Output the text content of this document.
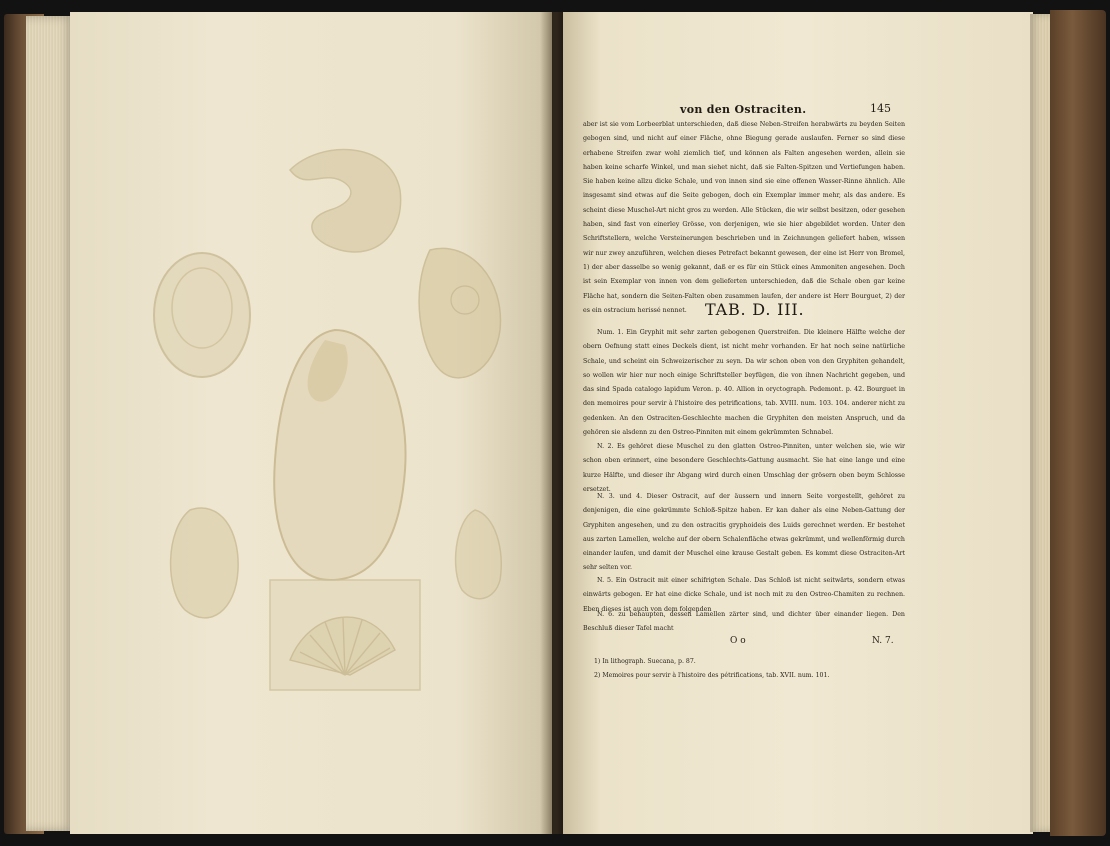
von den Ostraciten.	145
aber ist sie vom Lorbeerblat unterschieden, daß diese Neben-Streifen herabwärts zu beyden Seiten gebogen sind, und nicht auf einer Fläche, ohne Biegung gerade auslaufen. Ferner so sind diese erhabene Streifen zwar wohl ziemlich tief, und können als Falten angesehen werden, allein sie haben keine scharfe Winkel, und man siehet nicht, daß sie Falten-Spitzen und Vertiefungen haben. Sie haben keine allzu dicke Schale, und von innen sind sie eine offenen Wasser-Rinne ähnlich. Alle insgesamt sind etwas auf die Seite gebogen, doch ein Exemplar immer mehr, als das andere. Es scheint diese Muschel-Art nicht gros zu werden. Alle Stücken, die wir selbst besitzen, oder gesehen haben, sind fast von einerley Grösse, von derjenigen, wie sie hier abgebildet worden. Unter den Schriftstellern, welche Versteinerungen beschrieben und in Zeichnungen geliefert haben, wissen wir nur zwey anzuführen, welchen dieses Petrefact bekannt gewesen, der eine ist Herr von Bromel, 1) der aber dasselbe so wenig gekannt, daß er es für ein Stück eines Ammoniten angesehen. Doch ist sein Exemplar von innen von dem gelieferten unterschieden, daß die Schale oben gar keine Fläche hat, sondern die Seiten-Falten oben zusammen laufen, der andere ist Herr Bourguet, 2) der es ein ostracium herissé nennet.	TAB. D. III.
Num. 1. Ein Gryphit mit sehr zarten gebogenen Querstreifen. Die kleinere Hälfte welche der obern Oefnung statt eines Deckels dient, ist nicht mehr vorhanden. Er hat noch seine natürliche Schale, und scheint ein Schweizerischer zu seyn. Da wir schon oben von den Gryphiten gehandelt, so wollen wir hier nur noch einige Schriftsteller beyfügen, die von ihnen Nachricht gegeben, und das sind Spada catalogo lapidum Veron. p. 40. Allion in oryctograph. Pedemont. p. 42. Bourguet in den memoires pour servir à l'histoire des petrifications, tab. XVIII. num. 103. 104. anderer nicht zu gedenken. An den Ostraciten-Geschlechte machen die Gryphiten den meisten Anspruch, und da gehören sie alsdenn zu den Ostreo-Pinniten mit einem gekrümmten Schnabel.
N. 2. Es gehöret diese Muschel zu den glatten Ostreo-Pinniten, unter welchen sie, wie wir schon oben erinnert, eine besondere Geschlechts-Gattung ausmacht. Sie hat eine lange und eine kurze Hälfte, und dieser ihr Abgang wird durch einen Umschlag der grösern oben beym Schlosse ersetzet.
N. 3. und 4. Dieser Ostracit, auf der äussern und innern Seite vorgestellt, gehöret zu denjenigen, die eine gekrümmte Schloß-Spitze haben. Er kan daher als eine Neben-Gattung der Gryphiten angesehen, und zu den ostracitis gryphoideis des Luids gerechnet werden. Er bestehet aus zarten Lamellen, welche auf der obern Schalenfläche etwas gekrümmt, und wellenförmig durch einander laufen, und damit der Muschel eine krause Gestalt geben. Es kommt diese Ostraciten-Art sehr selten vor.
N. 5. Ein Ostracit mit einer schifrigten Schale. Das Schloß ist nicht seitwärts, sondern etwas einwärts gebogen. Er hat eine dicke Schale, und ist noch mit zu den Ostreo-Chamiten zu rechnen. Eben dieses ist auch von dem folgenden
N. 6. zu behaupten, dessen Lamellen zärter sind, und dichter über einander liegen. Den Beschluß dieser Tafel macht
O o	N. 7.
1) In lithograph. Suecana, p. 87.
2) Memoires pour servir à l'histoire des pétrifications, tab. XVII. num. 101.
